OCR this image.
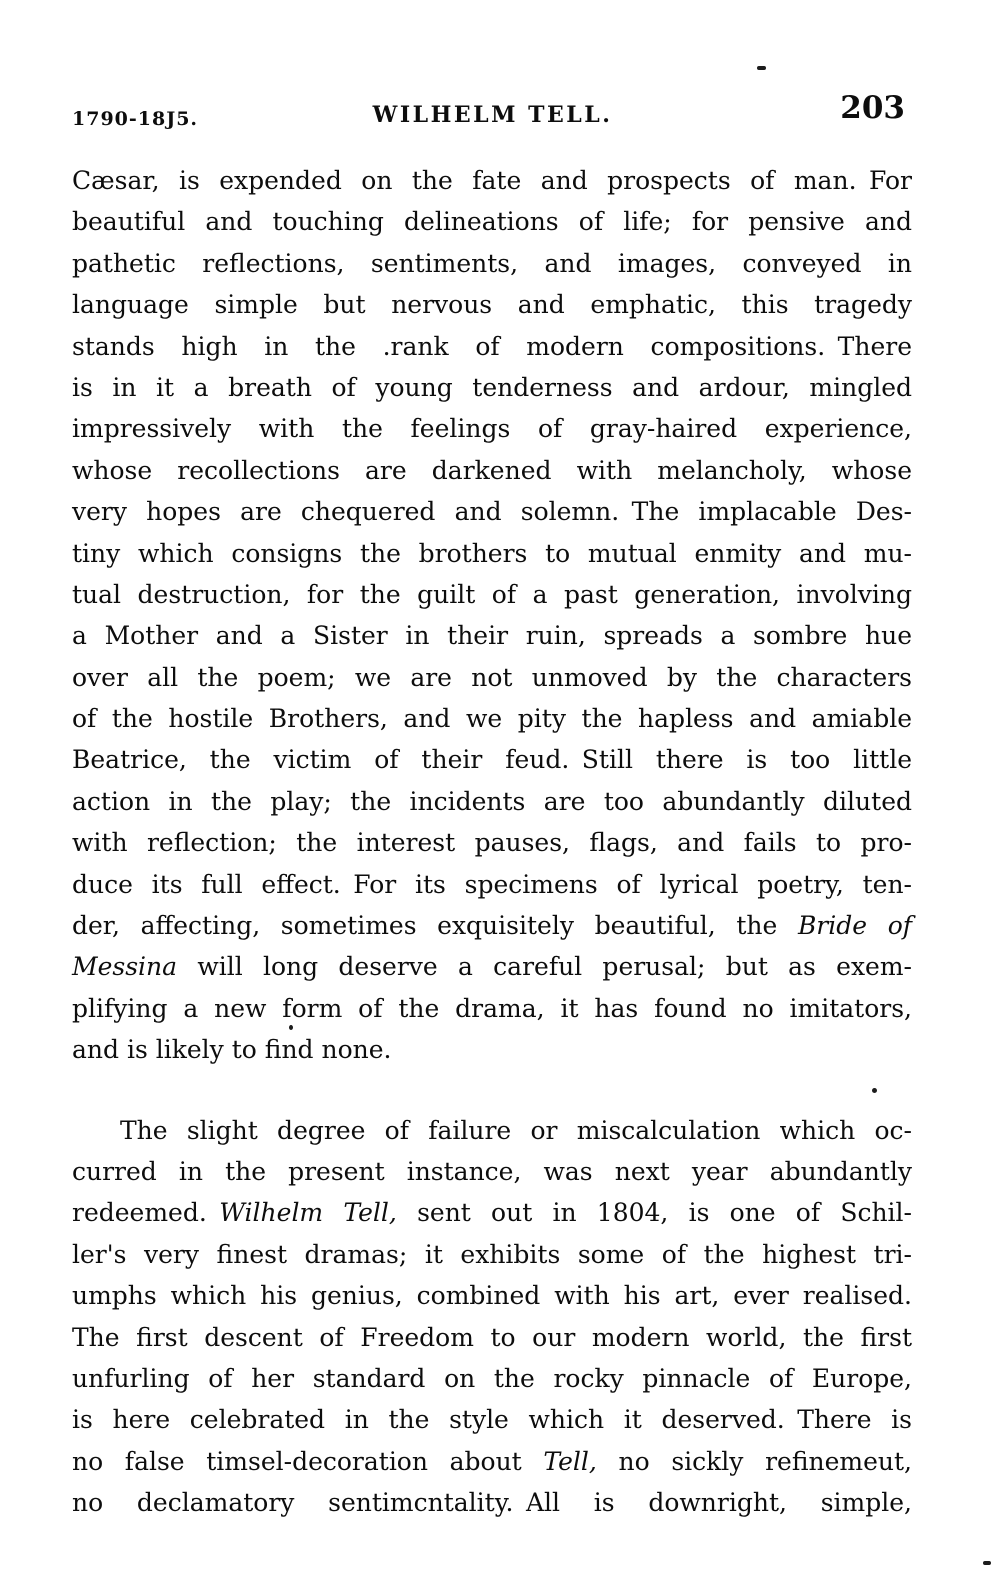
1790-18J5.	WILHELM TELL.	203
Cæsar, is expended on the fate and prospects of man. For
beautiful and touching delineations of life; for pensive and
pathetic reflections, sentiments, and images, conveyed in
language simple but nervous and emphatic, this tragedy
stands high in the .rank of modern compositions. There
is in it a breath of young tenderness and ardour, mingled
impressively with the feelings of gray-haired experience,
whose recollections are darkened with melancholy, whose
very hopes are chequered and solemn. The implacable Des-
tiny which consigns the brothers to mutual enmity and mu-
tual destruction, for the guilt of a past generation, involving
a Mother and a Sister in their ruin, spreads a sombre hue
over all the poem; we are not unmoved by the characters
of the hostile Brothers, and we pity the hapless and amiable
Beatrice, the victim of their feud. Still there is too little
action in the play; the incidents are too abundantly diluted
with reflection; the interest pauses, flags, and fails to pro-
duce its full effect. For its specimens of lyrical poetry, ten-
der, affecting, sometimes exquisitely beautiful, the Bride of
Messina will long deserve a careful perusal; but as exem-
plifying a new form of the drama, it has found no imitators,
and is likely to find none.
The slight degree of failure or miscalculation which oc-
curred in the present instance, was next year abundantly
redeemed. Wilhelm Tell, sent out in 1804, is one of Schil-
ler's very finest dramas; it exhibits some of the highest tri-
umphs which his genius, combined with his art, ever realised.
The first descent of Freedom to our modern world, the first
unfurling of her standard on the rocky pinnacle of Europe,
is here celebrated in the style which it deserved. There is
no false timsel-decoration about Tell, no sickly refinemeut,
no declamatory sentimcntality. All is downright, simple,
